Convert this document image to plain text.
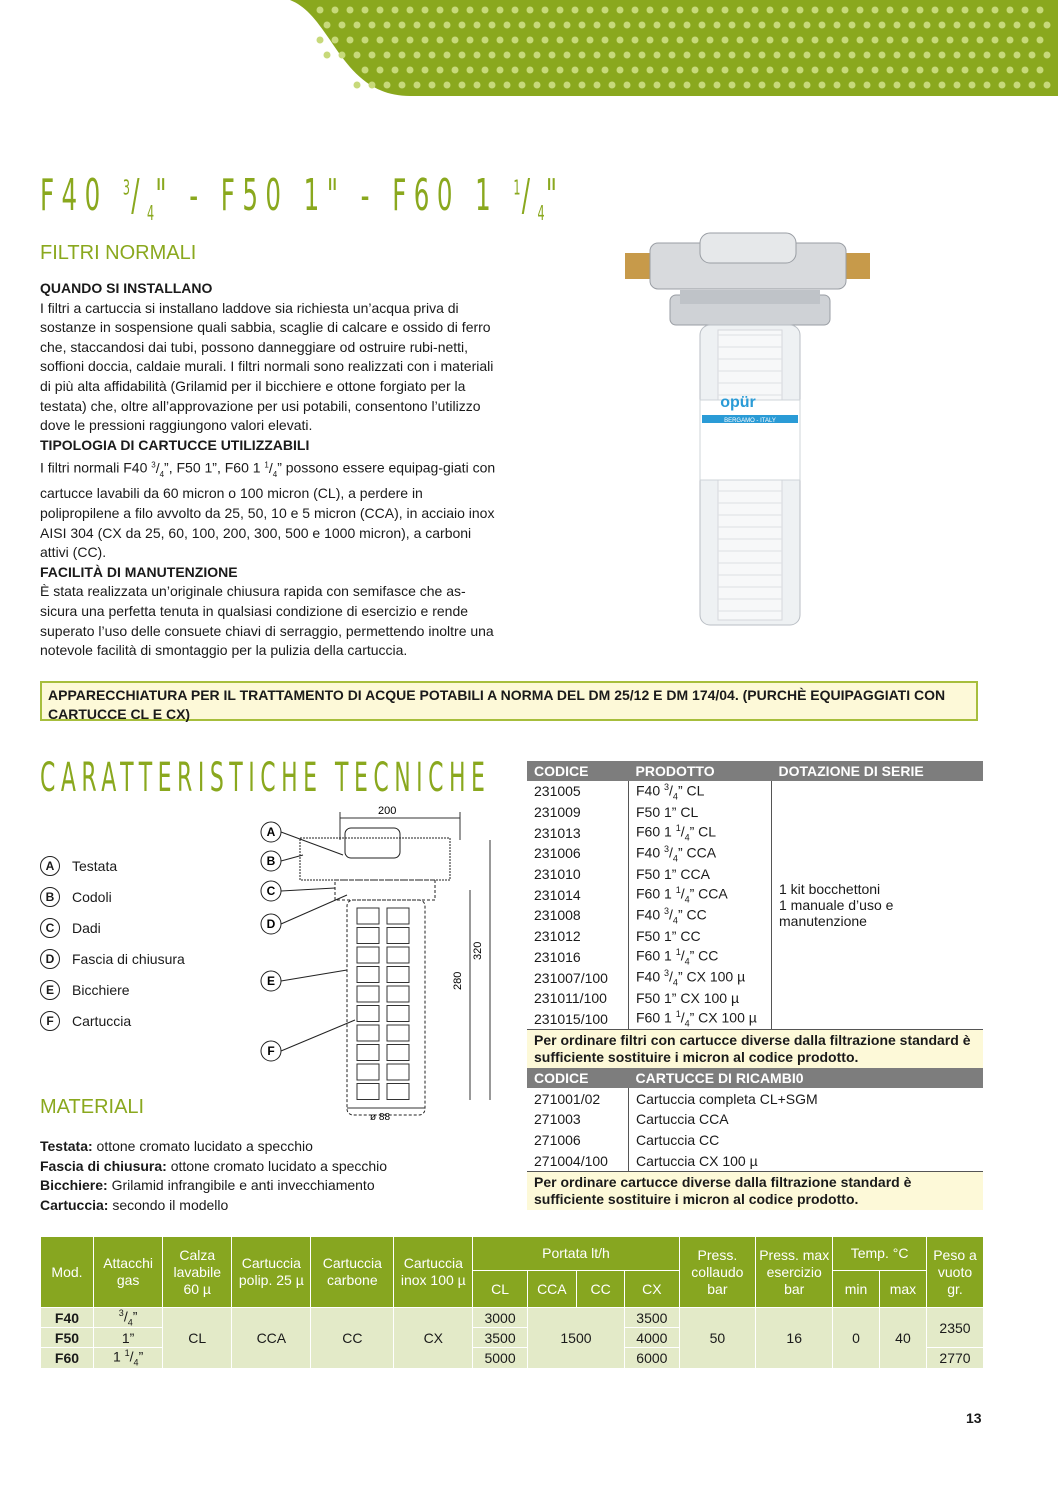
F40 $^3/_4$" - F50 1" - F60 1 $^1/_4$"
FILTRI NORMALI

QUANDO SI INSTALLANO

I filtri a cartuccia si installano laddove sia richiesta un’acqua priva di sostanze in sospensione quali sabbia, scaglie di calcare e ossido di ferro che, staccandosi dai tubi, possono danneggiare od ostruire rubi-netti, soffioni doccia, caldaie murali. I filtri normali sono realizzati con i materiali di più alta affidabilità (Grilamid per il bicchiere e ottone forgiato per la testata) che, oltre all’approvazione per usi potabili, consentono l’utilizzo dove le pressioni raggiungono valori elevati.

TIPOLOGIA DI CARTUCCE UTILIZZABILI

I filtri normali F40 $^3/_4$”, F50 1”, F60 1 $^1/_4$” possono essere equipag-giati con cartucce lavabili da 60 micron o 100 micron (CL), a perdere in polipropilene a filo avvolto da 25, 50, 10 e 5 micron (CCA), in acciaio inox AISI 304 (CX da 25, 60, 100, 200, 300, 500 e 1000 micron), a carboni attivi (CC).

FACILITÀ DI MANUTENZIONE

È stata realizzata un’originale chiusura rapida con semifasce che as-sicura una perfetta tenuta in qualsiasi condizione di esercizio e rende superato l’uso delle consuete chiavi di serraggio, permettendo inoltre una notevole facilità di smontaggio per la pulizia della cartuccia.

opür
BERGAMO - ITALY
APPARECCHIATURA PER IL TRATTAMENTO DI ACQUE POTABILI A NORMA DEL DM 25/12 E DM 174/04. (PURCHÈ EQUIPAGGIATI CON CARTUCCE CL E CX)
CARATTERISTICHE TECNICHE
A	Testata
B	Codoli
C	Dadi
D	Fascia di chiusura
E	Bicchiere
F	Cartuccia
200
280
320
ø 88
A
B
C
D
E
F
MATERIALI
Testata: ottone cromato lucidato a specchio
Fascia di chiusura: ottone cromato lucidato a specchio
Bicchiere: Grilamid infrangibile e anti invecchiamento
Cartuccia: secondo il modello
CODICE	PRODOTTO	DOTAZIONE DI SERIE
231005	F40 $^3/_4$” CL	1 kit bocchettoni
1 manuale d’uso e
manutenzione

231009	F50 1” CL	
231013	F60 1 $^1/_4$” CL	
231006	F40 $^3/_4$” CCA	
231010	F50 1” CCA	
231014	F60 1 $^1/_4$” CCA	
231008	F40 $^3/_4$” CC	
231012	F50 1” CC	
231016	F60 1 $^1/_4$” CC	
231007/100	F40 $^3/_4$” CX 100 µ	
231011/100	F50 1” CX 100 µ	
231015/100	F60 1 $^1/_4$” CX 100 µ	
Per ordinare filtri con cartucce diverse dalla filtrazione standard è sufficiente sostituire i micron al codice prodotto.		
CODICE	CARTUCCE DI RICAMBI0	
271001/02	Cartuccia completa CL+SGM	
271003	Cartuccia CCA	
271006	Cartuccia CC	
271004/100	Cartuccia CX 100 µ	
Per ordinare cartucce diverse dalla filtrazione standard è sufficiente sostituire i micron al codice prodotto.		
Mod.	Attacchi gas	Calza lavabile 60 µ	Cartuccia polip. 25 µ	Cartuccia carbone	Cartuccia inox 100 µ	Portata lt/h				Press. collaudo bar	Press. max esercizio bar	Temp. °C		Peso a vuoto gr.
						CL	CCA	CC	CX			min	max	
F40	$^3/_4$”	CL	CCA	CC	CX	3000	1500		3500	50	16	0	40	2350
F50	1”					3500			4000					
F60	1 $^1/_4$”					5000			6000					2770
13
